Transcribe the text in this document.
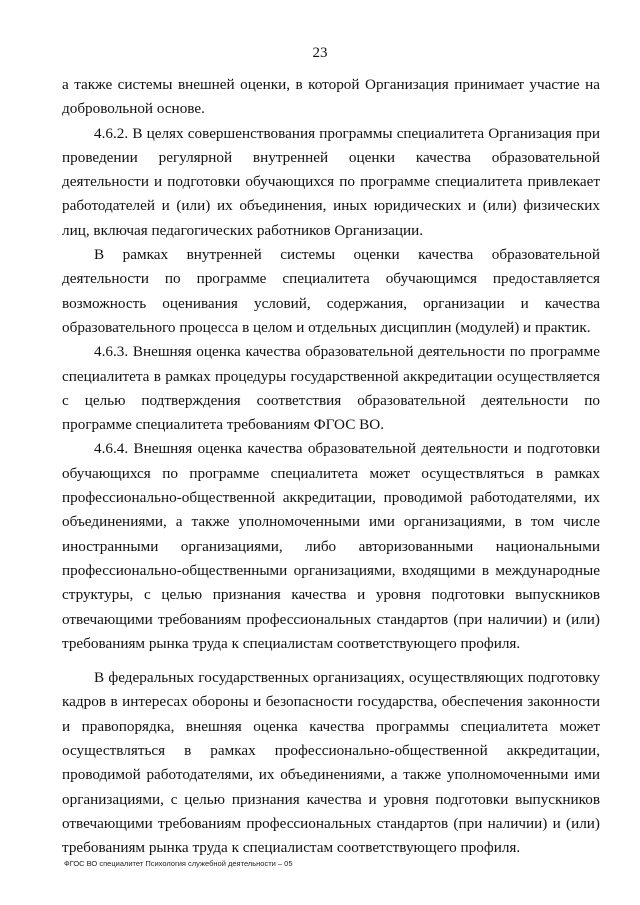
23

а также системы внешней оценки, в которой Организация принимает участие на добровольной основе.

4.6.2. В целях совершенствования программы специалитета Организация при проведении регулярной внутренней оценки качества образовательной деятельности и подготовки обучающихся по программе специалитета привлекает работодателей и (или) их объединения, иных юридических и (или) физических лиц, включая педагогических работников Организации.

В рамках внутренней системы оценки качества образовательной деятельности по программе специалитета обучающимся предоставляется возможность оценивания условий, содержания, организации и качества образовательного процесса в целом и отдельных дисциплин (модулей) и практик.

4.6.3. Внешняя оценка качества образовательной деятельности по программе специалитета в рамках процедуры государственной аккредитации осуществляется с целью подтверждения соответствия образовательной деятельности по программе специалитета требованиям ФГОС ВО.

4.6.4. Внешняя оценка качества образовательной деятельности и подготовки обучающихся по программе специалитета может осуществляться в рамках профессионально-общественной аккредитации, проводимой работодателями, их объединениями, а также уполномоченными ими организациями, в том числе иностранными организациями, либо авторизованными национальными профессионально-общественными организациями, входящими в международные структуры, с целью признания качества и уровня подготовки выпускников отвечающими требованиям профессиональных стандартов (при наличии) и (или) требованиям рынка труда к специалистам соответствующего профиля.

В федеральных государственных организациях, осуществляющих подготовку кадров в интересах обороны и безопасности государства, обеспечения законности и правопорядка, внешняя оценка качества программы специалитета может осуществляться в рамках профессионально-общественной аккредитации, проводимой работодателями, их объединениями, а также уполномоченными ими организациями, с целью признания качества и уровня подготовки выпускников отвечающими требованиям профессиональных стандартов (при наличии) и (или) требованиям рынка труда к специалистам соответствующего профиля.

ФГОС ВО специалитет Психология служебной деятельности – 05
